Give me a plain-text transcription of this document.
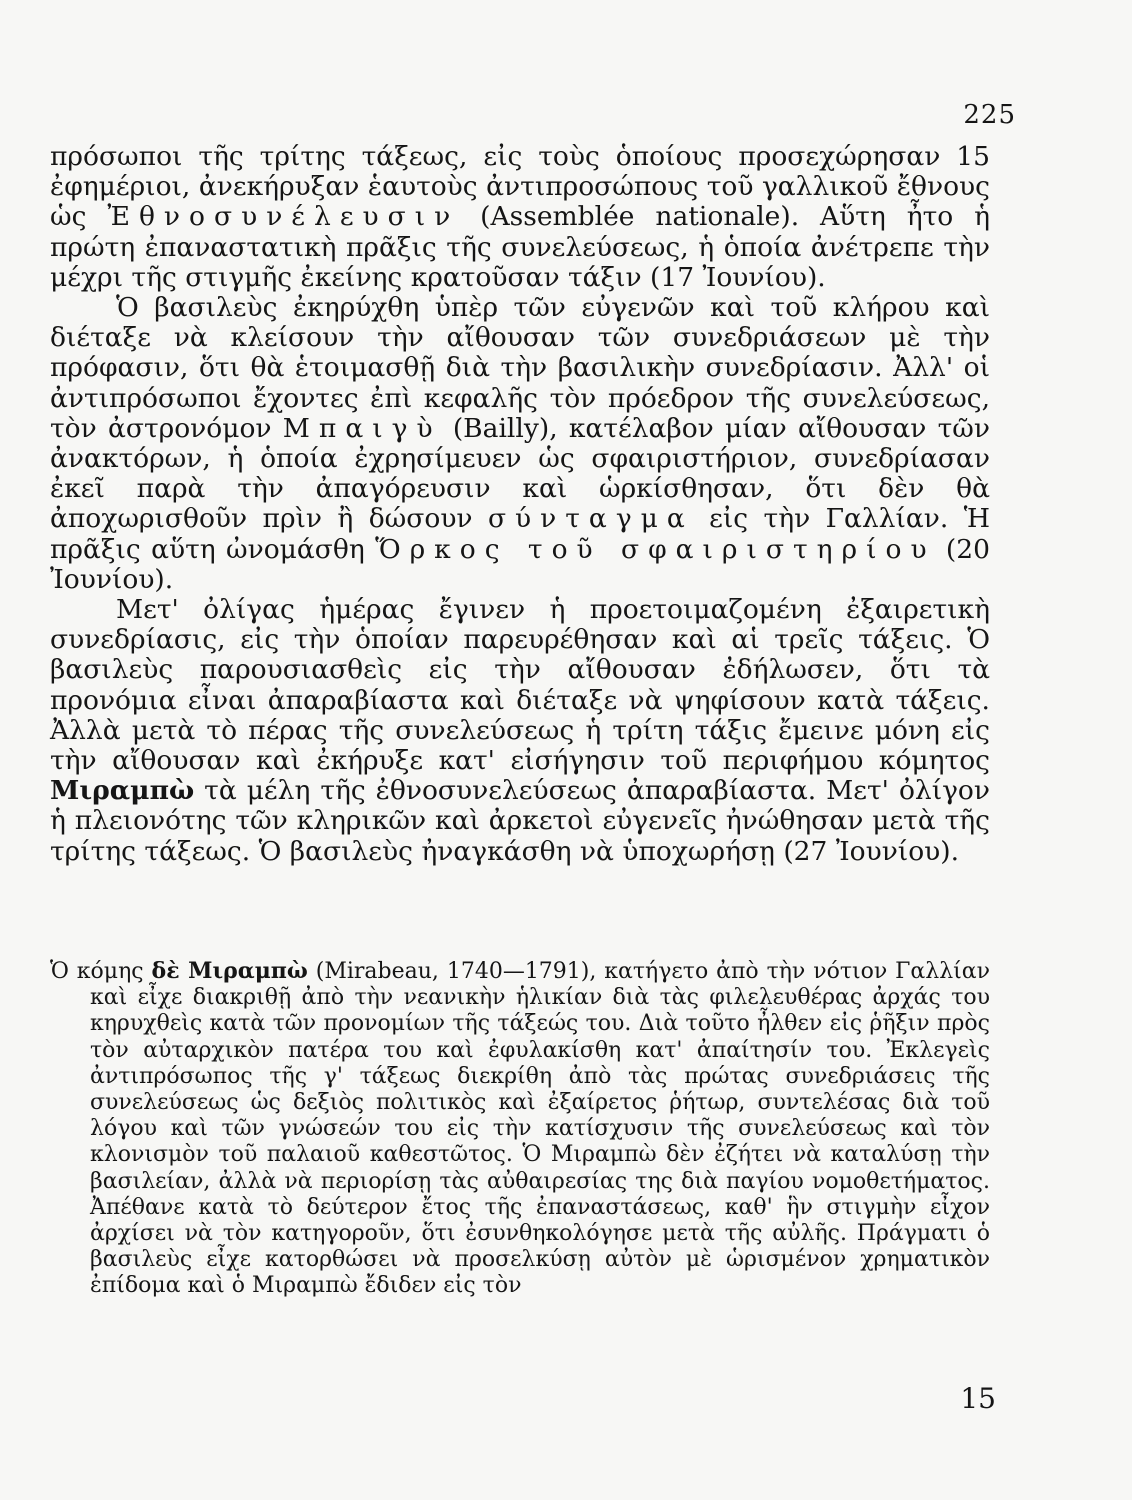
225

πρόσωποι τῆς τρίτης τάξεως, εἰς τοὺς ὁποίους προσεχώρησαν 15 ἐφημέριοι, ἀνεκήρυξαν ἑαυτοὺς ἀντιπροσώπους τοῦ γαλλικοῦ ἔθνους ὡς Ἐθνοσυνέλευσιν (Assemblée nationale). Αὕτη ἦτο ἡ πρώτη ἐπαναστατικὴ πρᾶξις τῆς συνελεύσεως, ἡ ὁποία ἀνέτρεπε τὴν μέχρι τῆς στιγμῆς ἐκείνης κρατοῦσαν τάξιν (17 Ἰουνίου).

Ὁ βασιλεὺς ἐκηρύχθη ὑπὲρ τῶν εὐγενῶν καὶ τοῦ κλήρου καὶ διέταξε νὰ κλείσουν τὴν αἴθουσαν τῶν συνεδριάσεων μὲ τὴν πρόφασιν, ὅτι θὰ ἑτοιμασθῇ διὰ τὴν βασιλικὴν συνεδρίασιν. Ἀλλ' οἱ ἀντιπρόσωποι ἔχοντες ἐπὶ κεφαλῆς τὸν πρόεδρον τῆς συνελεύσεως, τὸν ἀστρονόμον Μπαιγὺ (Bailly), κατέλαβον μίαν αἴθουσαν τῶν ἀνακτόρων, ἡ ὁποία ἐχρησίμευεν ὡς σφαιριστήριον, συνεδρίασαν ἐκεῖ παρὰ τὴν ἀπαγόρευσιν καὶ ὡρκίσθησαν, ὅτι δὲν θὰ ἀποχωρισθοῦν πρὶν ἢ δώσουν σύνταγμα εἰς τὴν Γαλλίαν. Ἡ πρᾶξις αὕτη ὠνομάσθη Ὅρκος τοῦ σφαιριστηρίου (20 Ἰουνίου).

Μετ' ὀλίγας ἡμέρας ἔγινεν ἡ προετοιμαζομένη ἐξαιρετικὴ συνεδρίασις, εἰς τὴν ὁποίαν παρευρέθησαν καὶ αἱ τρεῖς τάξεις. Ὁ βασιλεὺς παρουσιασθεὶς εἰς τὴν αἴθουσαν ἐδήλωσεν, ὅτι τὰ προνόμια εἶναι ἀπαραβίαστα καὶ διέταξε νὰ ψηφίσουν κατὰ τάξεις. Ἀλλὰ μετὰ τὸ πέρας τῆς συνελεύσεως ἡ τρίτη τάξις ἔμεινε μόνη εἰς τὴν αἴθουσαν καὶ ἐκήρυξε κατ' εἰσήγησιν τοῦ περιφήμου κόμητος Μιραμπὼ τὰ μέλη τῆς ἐθνοσυνελεύσεως ἀπαραβίαστα. Μετ' ὀλίγον ἡ πλειονότης τῶν κληρικῶν καὶ ἀρκετοὶ εὐγενεῖς ἠνώθησαν μετὰ τῆς τρίτης τάξεως. Ὁ βασιλεὺς ἠναγκάσθη νὰ ὑποχωρήσῃ (27 Ἰουνίου).

Ὁ κόμης δὲ Μιραμπὼ (Mirabeau, 1740—1791), κατήγετο ἀπὸ τὴν νότιον Γαλλίαν καὶ εἶχε διακριθῇ ἀπὸ τὴν νεανικὴν ἡλικίαν διὰ τὰς φιλελευθέρας ἀρχάς του κηρυχθεὶς κατὰ τῶν προνομίων τῆς τάξεώς του. Διὰ τοῦτο ἦλθεν εἰς ῥῆξιν πρὸς τὸν αὐταρχικὸν πατέρα του καὶ ἐφυλακίσθη κατ' ἀπαίτησίν του. Ἐκλεγεὶς ἀντιπρόσωπος τῆς γ' τάξεως διεκρίθη ἀπὸ τὰς πρώτας συνεδριάσεις τῆς συνελεύσεως ὡς δεξιὸς πολιτικὸς καὶ ἐξαίρετος ῥήτωρ, συντελέσας διὰ τοῦ λόγου καὶ τῶν γνώσεών του εἰς τὴν κατίσχυσιν τῆς συνελεύσεως καὶ τὸν κλονισμὸν τοῦ παλαιοῦ καθεστῶτος. Ὁ Μιραμπὼ δὲν ἐζήτει νὰ καταλύσῃ τὴν βασιλείαν, ἀλλὰ νὰ περιορίσῃ τὰς αὐθαιρεσίας της διὰ παγίου νομοθετήματος. Ἀπέθανε κατὰ τὸ δεύτερον ἔτος τῆς ἐπαναστάσεως, καθ' ἣν στιγμὴν εἶχον ἀρχίσει νὰ τὸν κατηγοροῦν, ὅτι ἐσυνθηκολόγησε μετὰ τῆς αὐλῆς. Πράγματι ὁ βασιλεὺς εἶχε κατορθώσει νὰ προσελκύσῃ αὐτὸν μὲ ὡρισμένον χρηματικὸν ἐπίδομα καὶ ὁ Μιραμπὼ ἔδιδεν εἰς τὸν

15
